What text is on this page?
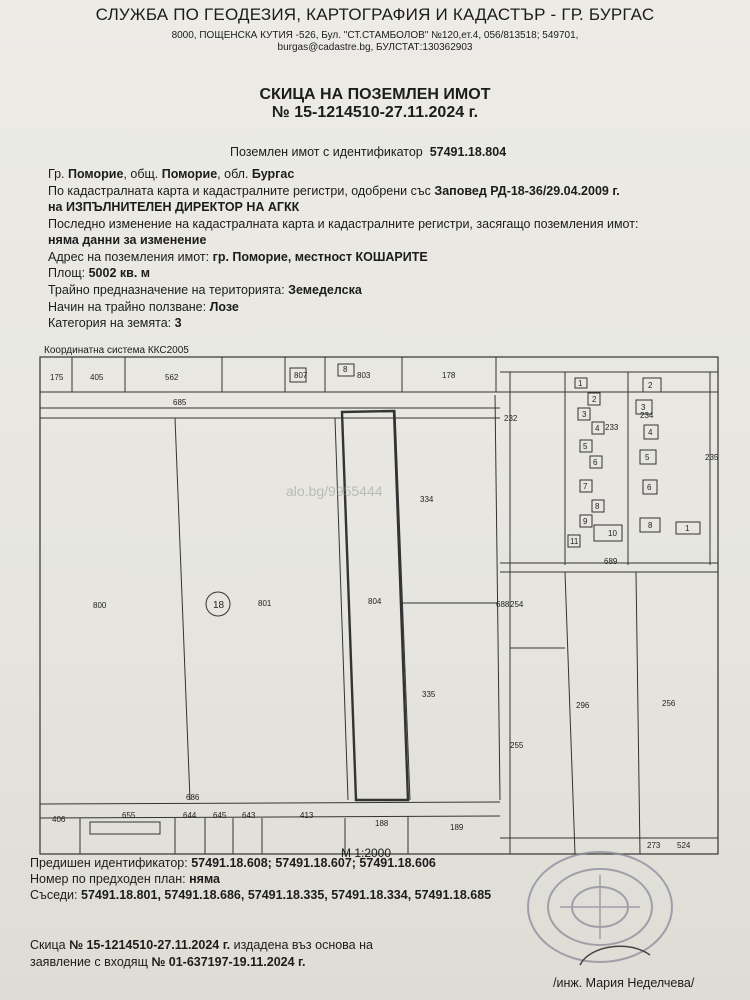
СЛУЖБА ПО ГЕОДЕЗИЯ, КАРТОГРАФИЯ И КАДАСТЪР - ГР. БУРГАС
8000, ПОЩЕНСКА КУТИЯ -526, Бул. "СТ.СТАМБОЛОВ" №120,ет.4, 056/813518; 549701,
burgas@cadastre.bg, БУЛСТАТ:130362903
СКИЦА НА ПОЗЕМЛЕН ИМОТ
№ 15-1214510-27.11.2024 г.
Поземлен имот с идентификатор 57491.18.804
Гр. Поморие, общ. Поморие, обл. Бургас
По кадастралната карта и кадастралните регистри, одобрени със Заповед РД-18-36/29.04.2009 г.
на ИЗПЪЛНИТЕЛЕН ДИРЕКТОР НА АГКК
Последно изменение на кадастралната карта и кадастралните регистри, засягащо поземления имот:
няма данни за изменение
Адрес на поземления имот: гр. Поморие, местност КОШАРИТЕ
Площ: 5002 кв. м
Трайно предназначение на територията: Земеделска
Начин на трайно ползване: Лозе
Категория на земята: 3
Координатна система ККС2005
175	405	562	807
8
803	178
685
232
233
234
235
800	801	804
334
335
689
688 254
255
296	256
686
406	655	644 645 643	413
188	189
273 524
1
2
3
4
5
6
7
8
9
10
11
2
3
4
5
6
8	1
18
alo.bg/9955444
М 1:2000
Предишен идентификатор: 57491.18.608; 57491.18.607; 57491.18.606
Номер по предходен план: няма
Съседи: 57491.18.801, 57491.18.686, 57491.18.335, 57491.18.334, 57491.18.685
Скица № 15-1214510-27.11.2024 г. издадена въз основа на
заявление с входящ № 01-637197-19.11.2024 г.
/инж. Мария Неделчева/
